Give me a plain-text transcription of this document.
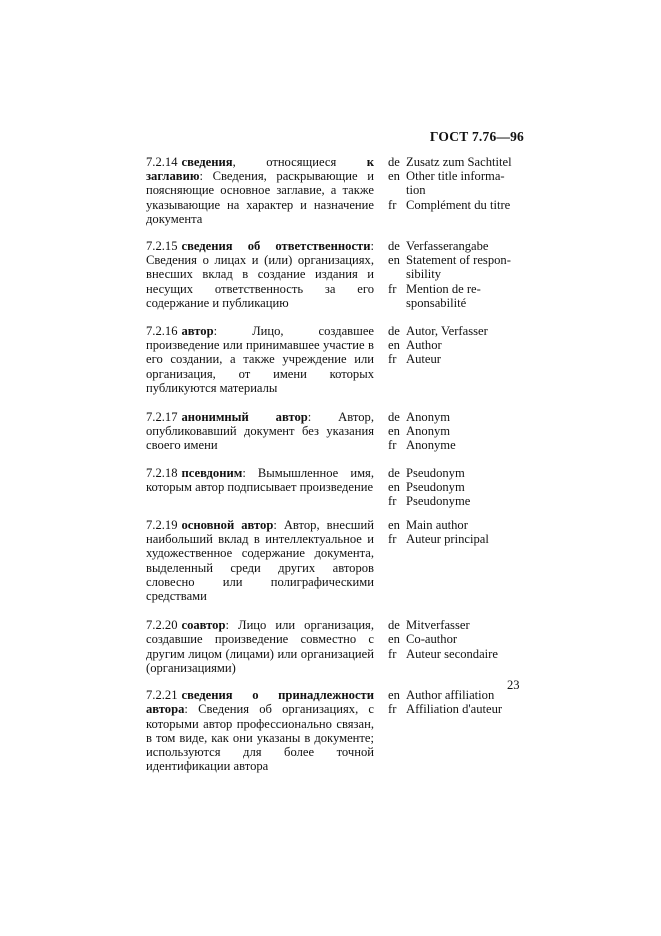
ГОСТ 7.76—96
7.2.14 сведения, относящиеся к заглавию: Сведения, раскрывающие и поясняющие основное заглавие, а также указывающие на характер и назначение документа
de Zusatz zum Sachtitel
en Other title informa-
tion
fr Complément du titre
7.2.15 сведения об ответственности: Сведения о лицах и (или) организациях, внесших вклад в создание издания и несущих ответственность за его содержание и публикацию
de Verfasserangabe
en Statement of respon-
sibility
fr Mention de re-
sponsabilité
7.2.16 автор: Лицо, создавшее произведение или принимавшее участие в его создании, а также учреждение или организация, от имени которых публикуются материалы
de Autor, Verfasser
en Author
fr Auteur
7.2.17 анонимный автор: Автор, опубликовавший документ без указания своего имени
de Anonym
en Anonym
fr Anonyme
7.2.18 псевдоним: Вымышленное имя, которым автор подписывает произведение
de Pseudonym
en Pseudonym
fr Pseudonyme
7.2.19 основной автор: Автор, внесший наибольший вклад в интеллектуальное и художественное содержание документа, выделенный среди других авторов словесно или полиграфическими средствами
en Main author
fr Auteur principal
7.2.20 соавтор: Лицо или организация, создавшие произведение совместно с другим лицом (лицами) или организацией (организациями)
de Mitverfasser
en Co-author
fr Auteur secondaire
7.2.21 сведения о принадлежности автора: Сведения об организациях, с которыми автор профессионально связан, в том виде, как они указаны в документе; используются для более точной идентификации автора
en Author affiliation
fr Affiliation d'auteur
23
